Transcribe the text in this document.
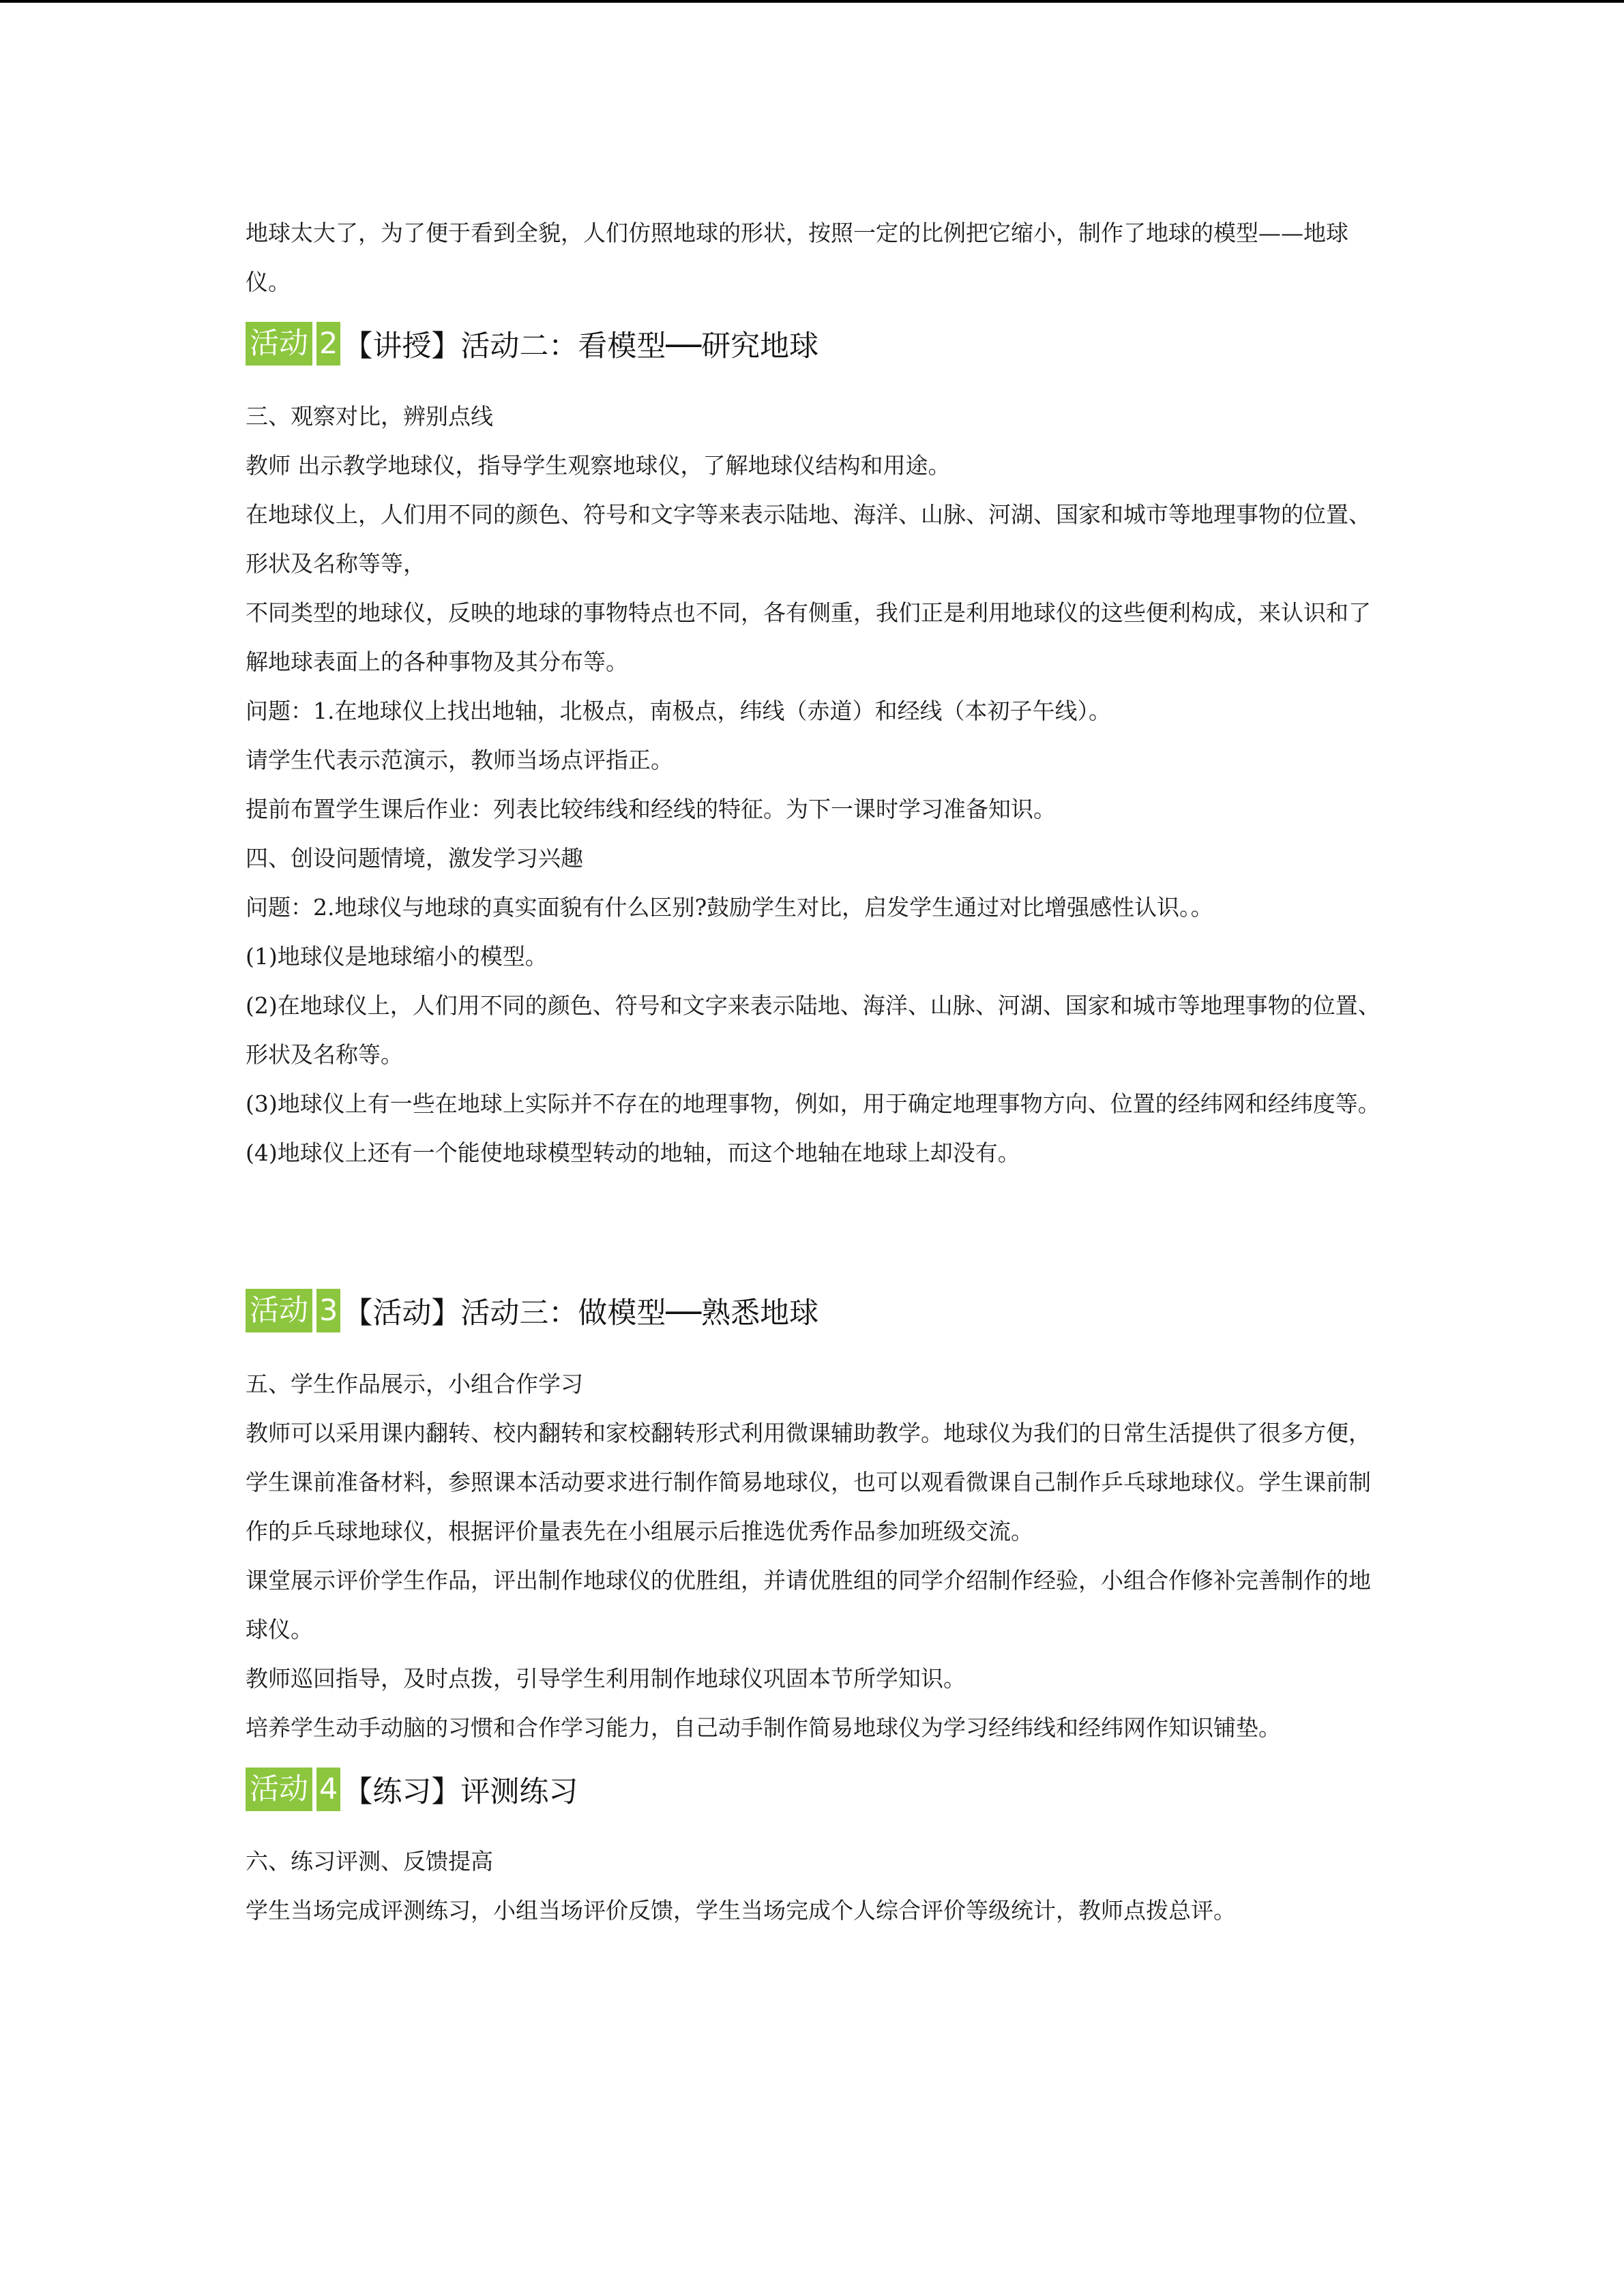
地球太大了，为了便于看到全貌，人们仿照地球的形状，按照一定的比例把它缩小，制作了地球的模型——地球仪。

活动 2 【讲授】活动二：看模型──研究地球

三、观察对比，辨别点线

教师 出示教学地球仪，指导学生观察地球仪，了解地球仪结构和用途。

在地球仪上，人们用不同的颜色、符号和文字等来表示陆地、海洋、山脉、河湖、国家和城市等地理事物的位置、形状及名称等等，

不同类型的地球仪，反映的地球的事物特点也不同，各有侧重，我们正是利用地球仪的这些便利构成，来认识和了解地球表面上的各种事物及其分布等。

问题：1.在地球仪上找出地轴，北极点，南极点，纬线（赤道）和经线（本初子午线）。

请学生代表示范演示，教师当场点评指正。

提前布置学生课后作业：列表比较纬线和经线的特征。为下一课时学习准备知识。

四、创设问题情境，激发学习兴趣

问题：2.地球仪与地球的真实面貌有什么区别?鼓励学生对比，启发学生通过对比增强感性认识。。

(1)地球仪是地球缩小的模型。

(2)在地球仪上，人们用不同的颜色、符号和文字来表示陆地、海洋、山脉、河湖、国家和城市等地理事物的位置、形状及名称等。

(3)地球仪上有一些在地球上实际并不存在的地理事物，例如，用于确定地理事物方向、位置的经纬网和经纬度等。

(4)地球仪上还有一个能使地球模型转动的地轴，而这个地轴在地球上却没有。

活动 3 【活动】活动三：做模型──熟悉地球

五、学生作品展示，小组合作学习

教师可以采用课内翻转、校内翻转和家校翻转形式利用微课辅助教学。地球仪为我们的日常生活提供了很多方便，学生课前准备材料，参照课本活动要求进行制作简易地球仪，也可以观看微课自己制作乒乓球地球仪。学生课前制作的乒乓球地球仪，根据评价量表先在小组展示后推选优秀作品参加班级交流。

课堂展示评价学生作品，评出制作地球仪的优胜组，并请优胜组的同学介绍制作经验，小组合作修补完善制作的地球仪。

教师巡回指导，及时点拨，引导学生利用制作地球仪巩固本节所学知识。

培养学生动手动脑的习惯和合作学习能力，自己动手制作简易地球仪为学习经纬线和经纬网作知识铺垫。

活动 4 【练习】评测练习

六、练习评测、反馈提高

学生当场完成评测练习，小组当场评价反馈，学生当场完成个人综合评价等级统计，教师点拨总评。
